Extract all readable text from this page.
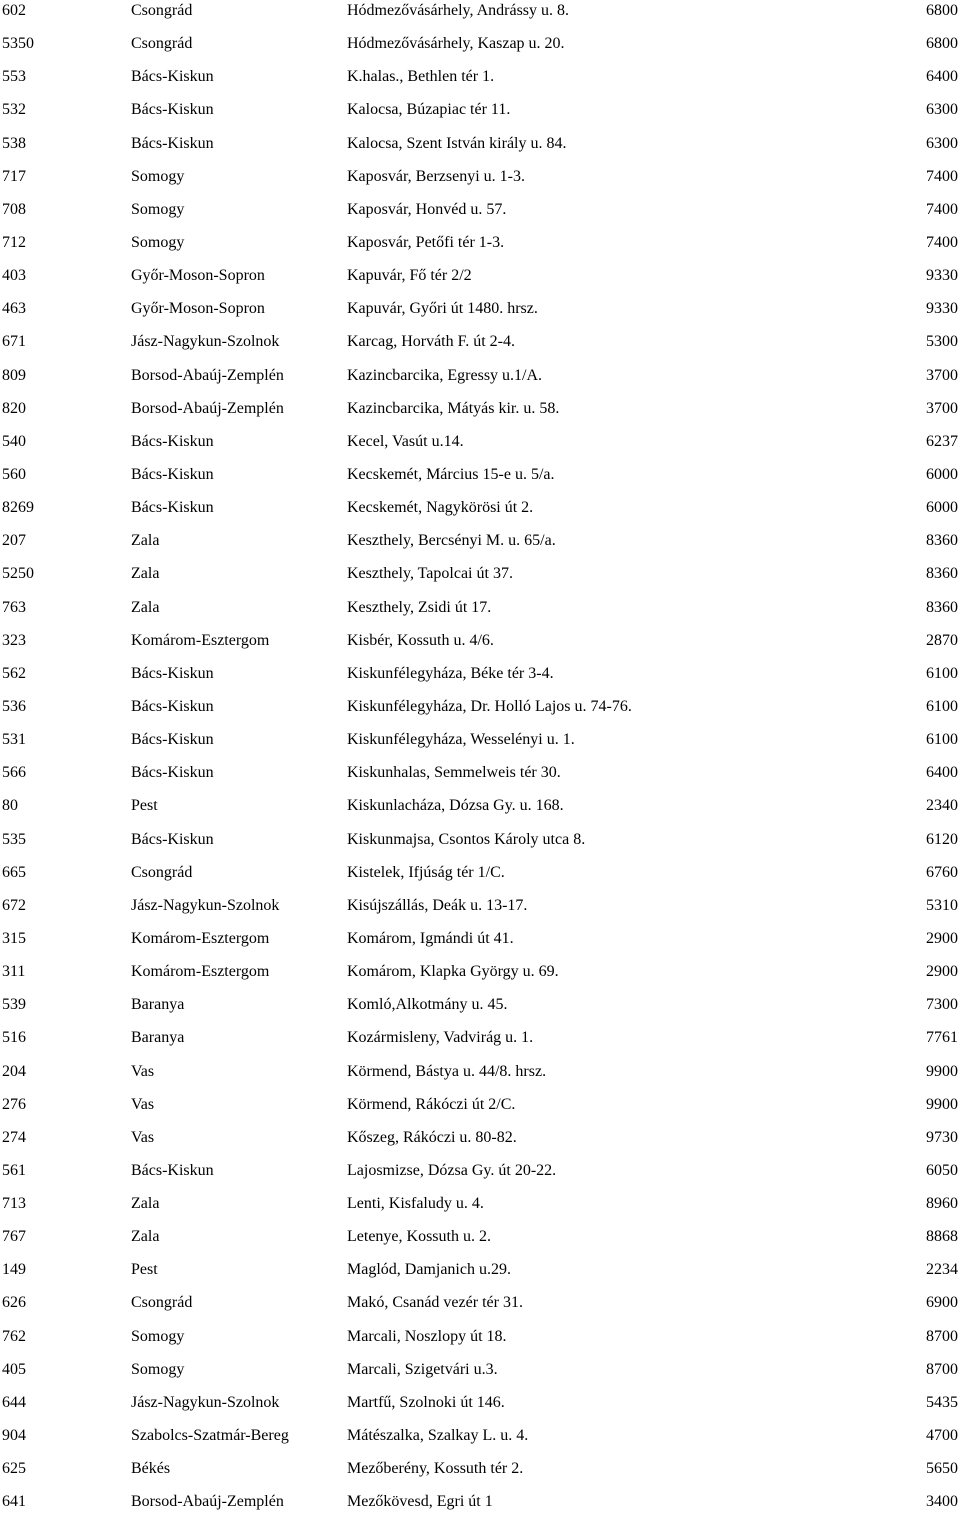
602	Csongrád	Hódmezővásárhely, Andrássy u. 8.	6800
5350	Csongrád	Hódmezővásárhely, Kaszap u. 20.	6800
553	Bács-Kiskun	K.halas., Bethlen tér 1.	6400
532	Bács-Kiskun	Kalocsa, Búzapiac tér 11.	6300
538	Bács-Kiskun	Kalocsa, Szent István király u. 84.	6300
717	Somogy	Kaposvár, Berzsenyi u. 1-3.	7400
708	Somogy	Kaposvár, Honvéd u. 57.	7400
712	Somogy	Kaposvár, Petőfi tér 1-3.	7400
403	Győr-Moson-Sopron	Kapuvár, Fő tér 2/2	9330
463	Győr-Moson-Sopron	Kapuvár, Győri út 1480. hrsz.	9330
671	Jász-Nagykun-Szolnok	Karcag, Horváth F. út 2-4.	5300
809	Borsod-Abaúj-Zemplén	Kazincbarcika, Egressy u.1/A.	3700
820	Borsod-Abaúj-Zemplén	Kazincbarcika, Mátyás kir. u. 58.	3700
540	Bács-Kiskun	Kecel, Vasút u.14.	6237
560	Bács-Kiskun	Kecskemét, Március 15-e u. 5/a.	6000
8269	Bács-Kiskun	Kecskemét, Nagykörösi út 2.	6000
207	Zala	Keszthely, Bercsényi M. u. 65/a.	8360
5250	Zala	Keszthely, Tapolcai út 37.	8360
763	Zala	Keszthely, Zsidi út 17.	8360
323	Komárom-Esztergom	Kisbér, Kossuth u. 4/6.	2870
562	Bács-Kiskun	Kiskunfélegyháza, Béke tér 3-4.	6100
536	Bács-Kiskun	Kiskunfélegyháza, Dr. Holló Lajos u. 74-76.	6100
531	Bács-Kiskun	Kiskunfélegyháza, Wesselényi u. 1.	6100
566	Bács-Kiskun	Kiskunhalas, Semmelweis tér 30.	6400
80	Pest	Kiskunlacháza, Dózsa Gy. u. 168.	2340
535	Bács-Kiskun	Kiskunmajsa, Csontos Károly utca 8.	6120
665	Csongrád	Kistelek, Ifjúság tér 1/C.	6760
672	Jász-Nagykun-Szolnok	Kisújszállás, Deák u. 13-17.	5310
315	Komárom-Esztergom	Komárom, Igmándi út 41.	2900
311	Komárom-Esztergom	Komárom, Klapka György u. 69.	2900
539	Baranya	Komló,Alkotmány u. 45.	7300
516	Baranya	Kozármisleny, Vadvirág u. 1.	7761
204	Vas	Körmend, Bástya u. 44/8. hrsz.	9900
276	Vas	Körmend, Rákóczi út 2/C.	9900
274	Vas	Kőszeg, Rákóczi u. 80-82.	9730
561	Bács-Kiskun	Lajosmizse, Dózsa Gy. út 20-22.	6050
713	Zala	Lenti, Kisfaludy u. 4.	8960
767	Zala	Letenye, Kossuth u. 2.	8868
149	Pest	Maglód, Damjanich u.29.	2234
626	Csongrád	Makó, Csanád vezér tér 31.	6900
762	Somogy	Marcali, Noszlopy út 18.	8700
405	Somogy	Marcali, Szigetvári u.3.	8700
644	Jász-Nagykun-Szolnok	Martfű, Szolnoki út 146.	5435
904	Szabolcs-Szatmár-Bereg	Mátészalka, Szalkay L. u. 4.	4700
625	Békés	Mezőberény, Kossuth tér 2.	5650
641	Borsod-Abaúj-Zemplén	Mezőkövesd, Egri út 1	3400
